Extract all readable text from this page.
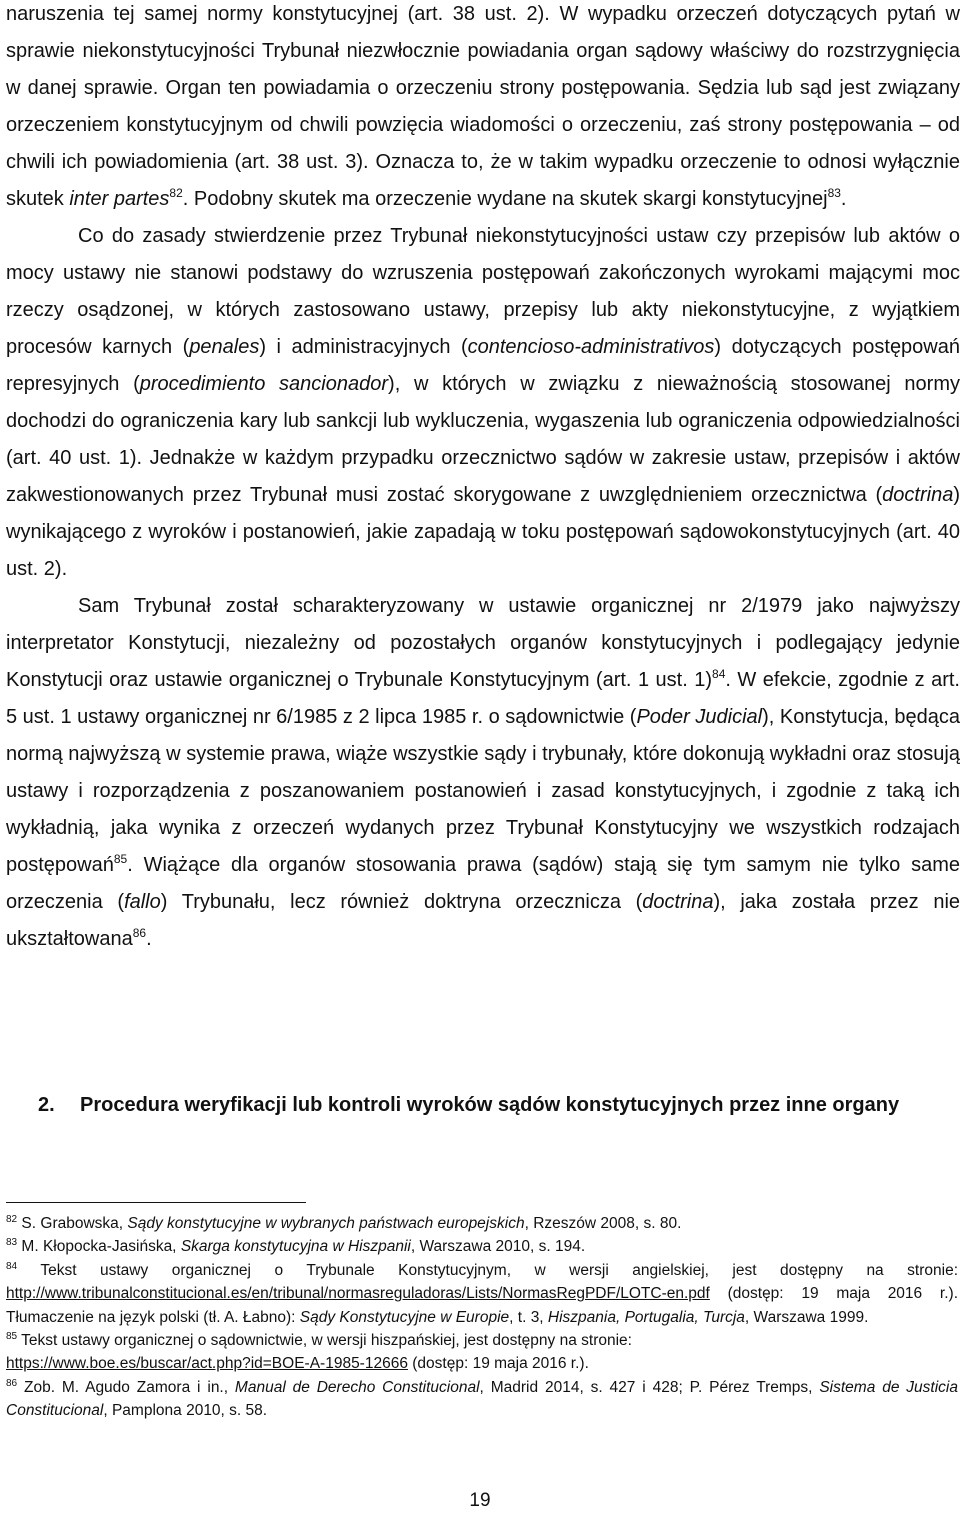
naruszenia tej samej normy konstytucyjnej (art. 38 ust. 2). W wypadku orzeczeń dotyczących pytań w sprawie niekonstytucyjności Trybunał niezwłocznie powiadania organ sądowy właściwy do rozstrzygnięcia w danej sprawie. Organ ten powiadamia o orzeczeniu strony postępowania. Sędzia lub sąd jest związany orzeczeniem konstytucyjnym od chwili powzięcia wiadomości o orzeczeniu, zaś strony postępowania – od chwili ich powiadomienia (art. 38 ust. 3). Oznacza to, że w takim wypadku orzeczenie to odnosi wyłącznie skutek inter partes$^{82}$. Podobny skutek ma orzeczenie wydane na skutek skargi konstytucyjnej$^{83}$.

Co do zasady stwierdzenie przez Trybunał niekonstytucyjności ustaw czy przepisów lub aktów o mocy ustawy nie stanowi podstawy do wzruszenia postępowań zakończonych wyrokami mającymi moc rzeczy osądzonej, w których zastosowano ustawy, przepisy lub akty niekonstytucyjne, z wyjątkiem procesów karnych (penales) i administracyjnych (contencioso-administrativos) dotyczących postępowań represyjnych (procedimiento sancionador), w których w związku z nieważnością stosowanej normy dochodzi do ograniczenia kary lub sankcji lub wykluczenia, wygaszenia lub ograniczenia odpowiedzialności (art. 40 ust. 1). Jednakże w każdym przypadku orzecznictwo sądów w zakresie ustaw, przepisów i aktów zakwestionowanych przez Trybunał musi zostać skorygowane z uwzględnieniem orzecznictwa (doctrina) wynikającego z wyroków i postanowień, jakie zapadają w toku postępowań sądowokonstytucyjnych (art. 40 ust. 2).

Sam Trybunał został scharakteryzowany w ustawie organicznej nr 2/1979 jako najwyższy interpretator Konstytucji, niezależny od pozostałych organów konstytucyjnych i podlegający jedynie Konstytucji oraz ustawie organicznej o Trybunale Konstytucyjnym (art. 1 ust. 1)$^{84}$. W efekcie, zgodnie z art. 5 ust. 1 ustawy organicznej nr 6/1985 z 2 lipca 1985 r. o sądownictwie (Poder Judicial), Konstytucja, będąca normą najwyższą w systemie prawa, wiąże wszystkie sądy i trybunały, które dokonują wykładni oraz stosują ustawy i rozporządzenia z poszanowaniem postanowień i zasad konstytucyjnych, i zgodnie z taką ich wykładnią, jaka wynika z orzeczeń wydanych przez Trybunał Konstytucyjny we wszystkich rodzajach postępowań$^{85}$. Wiążące dla organów stosowania prawa (sądów) stają się tym samym nie tylko same orzeczenia (fallo) Trybunału, lecz również doktryna orzecznicza (doctrina), jaka została przez nie ukształtowana$^{86}$.

2. Procedura weryfikacji lub kontroli wyroków sądów konstytucyjnych przez inne organy

$^{82}$ S. Grabowska, Sądy konstytucyjne w wybranych państwach europejskich, Rzeszów 2008, s. 80.

$^{83}$ M. Kłopocka-Jasińska, Skarga konstytucyjna w Hiszpanii, Warszawa 2010, s. 194.

$^{84}$ Tekst ustawy organicznej o Trybunale Konstytucyjnym, w wersji angielskiej, jest dostępny na stronie: http://www.tribunalconstitucional.es/en/tribunal/normasreguladoras/Lists/NormasRegPDF/LOTC-en.pdf (dostęp: 19 maja 2016 r.). Tłumaczenie na język polski (tł. A. Łabno): Sądy Konstytucyjne w Europie, t. 3, Hiszpania, Portugalia, Turcja, Warszawa 1999.

$^{85}$ Tekst ustawy organicznej o sądownictwie, w wersji hiszpańskiej, jest dostępny na stronie:
https://www.boe.es/buscar/act.php?id=BOE-A-1985-12666 (dostęp: 19 maja 2016 r.).

$^{86}$ Zob. M. Agudo Zamora i in., Manual de Derecho Constitucional, Madrid 2014, s. 427 i 428; P. Pérez Tremps, Sistema de Justicia Constitucional, Pamplona 2010, s. 58.

19
